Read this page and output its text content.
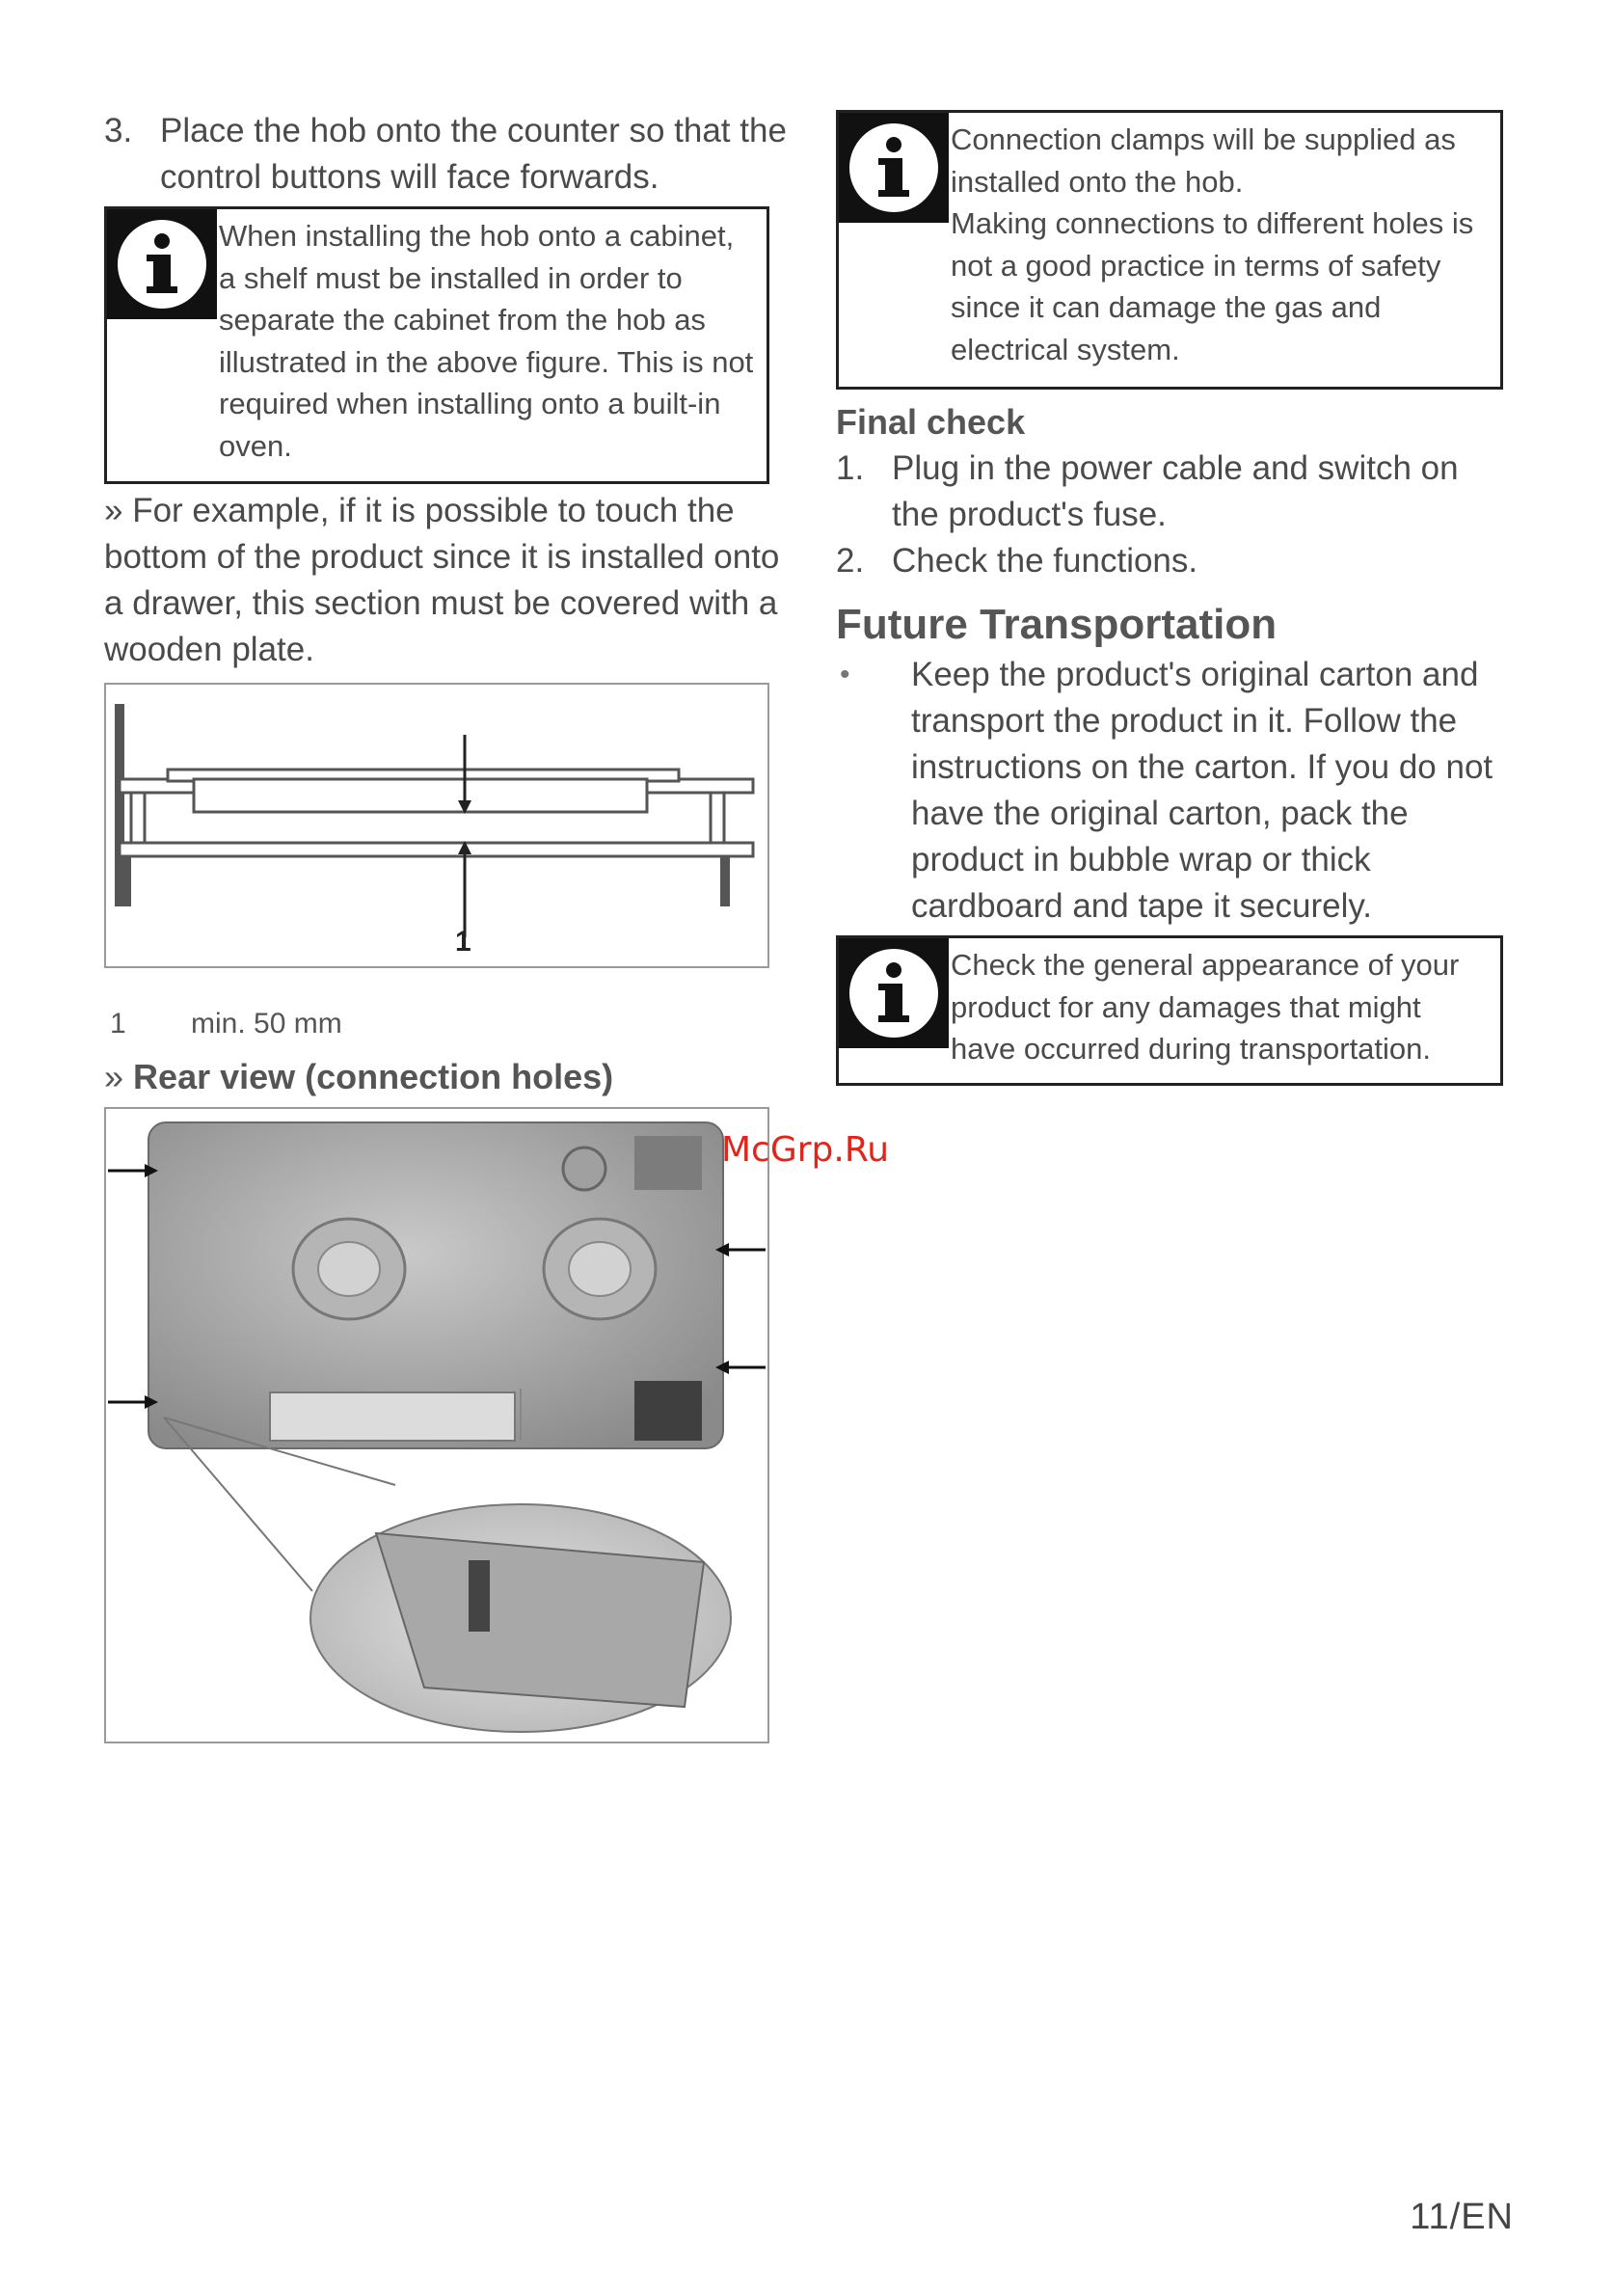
3. Place the hob onto the counter so that the control buttons will face forwards.
When installing the hob onto a cabinet, a shelf must be installed in order to separate the cabinet from the hob as illustrated in the above figure. This is not required when installing onto a built-in oven.
» For example, if it is possible to touch the bottom of the product since it is installed onto a drawer, this section must be covered with a wooden plate.
1
1	min. 50 mm
» Rear view (connection holes)
Connection clamps will be supplied as installed onto the hob.
Making connections to different holes is not a good practice in terms of safety since it can damage the gas and electrical system.
Final check
1. Plug in the power cable and switch on the product's fuse.
2. Check the functions.
Future Transportation
•	Keep the product's original carton and transport the product in it. Follow the instructions on the carton. If you do not have the original carton, pack the product in bubble wrap or thick cardboard and tape it securely.
Check the general appearance of your product for any damages that might have occurred during transportation.
McGrp.Ru
11/EN
